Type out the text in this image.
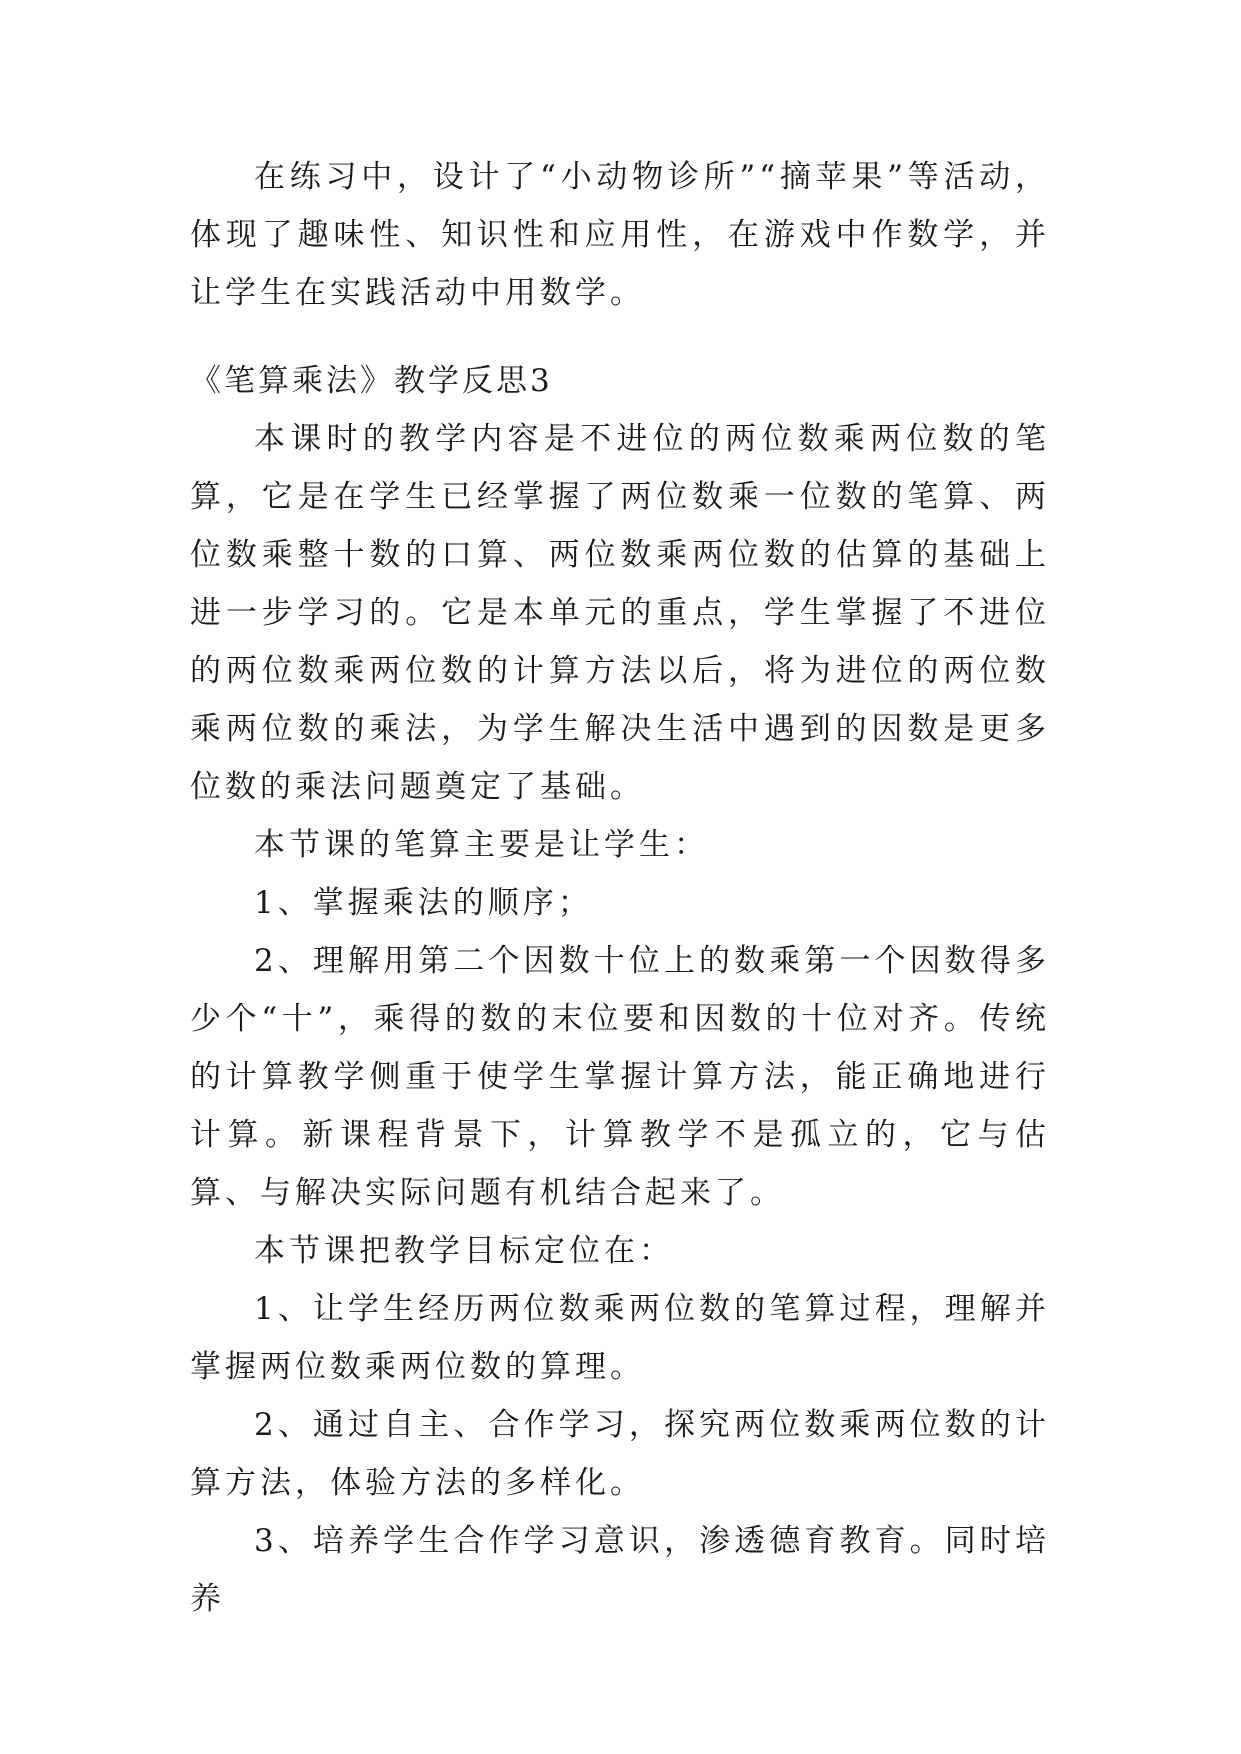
在练习中，设计了“小动物诊所”“摘苹果”等活动，体现了趣味性、知识性和应用性，在游戏中作数学，并让学生在实践活动中用数学。

《笔算乘法》教学反思3

本课时的教学内容是不进位的两位数乘两位数的笔算，它是在学生已经掌握了两位数乘一位数的笔算、两位数乘整十数的口算、两位数乘两位数的估算的基础上进一步学习的。它是本单元的重点，学生掌握了不进位的两位数乘两位数的计算方法以后，将为进位的两位数乘两位数的乘法，为学生解决生活中遇到的因数是更多位数的乘法问题奠定了基础。

本节课的笔算主要是让学生：

1、掌握乘法的顺序；

2、理解用第二个因数十位上的数乘第一个因数得多少个“十”，乘得的数的末位要和因数的十位对齐。传统的计算教学侧重于使学生掌握计算方法，能正确地进行计算。新课程背景下，计算教学不是孤立的，它与估算、与解决实际问题有机结合起来了。

本节课把教学目标定位在：

1、让学生经历两位数乘两位数的笔算过程，理解并掌握两位数乘两位数的算理。

2、通过自主、合作学习，探究两位数乘两位数的计算方法，体验方法的多样化。

3、培养学生合作学习意识，渗透德育教育。同时培养
